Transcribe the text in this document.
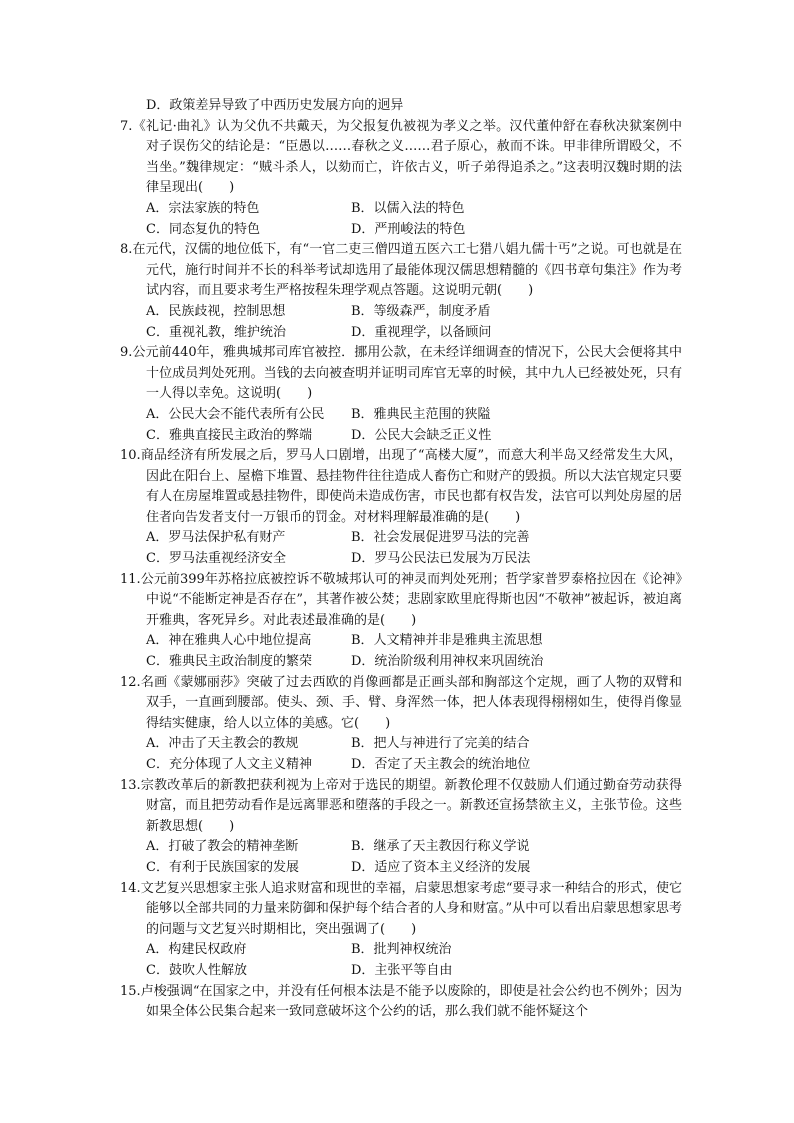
D．政策差异导致了中西历史发展方向的迥异

7.《礼记·曲礼》认为父仇不共戴天，为父报复仇被视为孝义之举。汉代董仲舒在春秋决狱案例中对子误伤父的结论是：“臣愚以……春秋之义……君子原心，赦而不诛。甲非律所谓殴父，不当坐。”魏律规定：“贼斗杀人，以劾而亡，许依古义，听子弟得追杀之。”这表明汉魏时期的法律呈现出(　　)

A．宗法家族的特色	B．以儒入法的特色
C．同态复仇的特色	D．严刑峻法的特色

8.在元代，汉儒的地位低下，有“一官二吏三僧四道五医六工七猎八娼九儒十丐”之说。可也就是在元代，施行时间并不长的科举考试却选用了最能体现汉儒思想精髓的《四书章句集注》作为考试内容，而且要求考生严格按程朱理学观点答题。这说明元朝(　　)

A．民族歧视，控制思想	B．等级森严，制度矛盾
C．重视礼教，维护统治	D．重视理学，以备顾问

9.公元前440年，雅典城邦司库官被控．挪用公款，在未经详细调查的情况下，公民大会便将其中十位成员判处死刑。当钱的去向被查明并证明司库官无辜的时候，其中九人已经被处死，只有一人得以幸免。这说明(　　)

A．公民大会不能代表所有公民	B．雅典民主范围的狭隘
C．雅典直接民主政治的弊端	D．公民大会缺乏正义性

10.商品经济有所发展之后，罗马人口剧增，出现了“高楼大厦”，而意大利半岛又经常发生大风，因此在阳台上、屋檐下堆置、悬挂物件往往造成人畜伤亡和财产的毁损。所以大法官规定只要有人在房屋堆置或悬挂物件，即使尚未造成伤害，市民也都有权告发，法官可以判处房屋的居住者向告发者支付一万银币的罚金。对材料理解最准确的是(　　)

A．罗马法保护私有财产	B．社会发展促进罗马法的完善
C．罗马法重视经济安全	D．罗马公民法已发展为万民法

11.公元前399年苏格拉底被控诉不敬城邦认可的神灵而判处死刑；哲学家普罗泰格拉因在《论神》中说“不能断定神是否存在”，其著作被公焚；悲剧家欧里庇得斯也因“不敬神”被起诉，被迫离开雅典，客死异乡。对此表述最准确的是(　　)

A．神在雅典人心中地位提高	B．人文精神并非是雅典主流思想
C．雅典民主政治制度的繁荣	D．统治阶级利用神权来巩固统治

12.名画《蒙娜丽莎》突破了过去西欧的肖像画都是正画头部和胸部这个定规，画了人物的双臂和双手，一直画到腰部。使头、颈、手、臂、身浑然一体，把人体表现得栩栩如生，使得肖像显得结实健康，给人以立体的美感。它(　　)

A．冲击了天主教会的教规	B．把人与神进行了完美的结合
C．充分体现了人文主义精神	D．否定了天主教会的统治地位

13.宗教改革后的新教把获利视为上帝对于选民的期望。新教伦理不仅鼓励人们通过勤奋劳动获得财富，而且把劳动看作是远离罪恶和堕落的手段之一。新教还宣扬禁欲主义，主张节俭。这些新教思想(　　)

A．打破了教会的精神垄断	B．继承了天主教因行称义学说
C．有利于民族国家的发展	D．适应了资本主义经济的发展

14.文艺复兴思想家主张人追求财富和现世的幸福，启蒙思想家考虑“要寻求一种结合的形式，使它能够以全部共同的力量来防御和保护每个结合者的人身和财富。”从中可以看出启蒙思想家思考的问题与文艺复兴时期相比，突出强调了(　　)

A．构建民权政府	B．批判神权统治
C．鼓吹人性解放	D．主张平等自由

15.卢梭强调“在国家之中，并没有任何根本法是不能予以废除的，即使是社会公约也不例外；因为如果全体公民集合起来一致同意破坏这个公约的话，那么我们就不能怀疑这个
